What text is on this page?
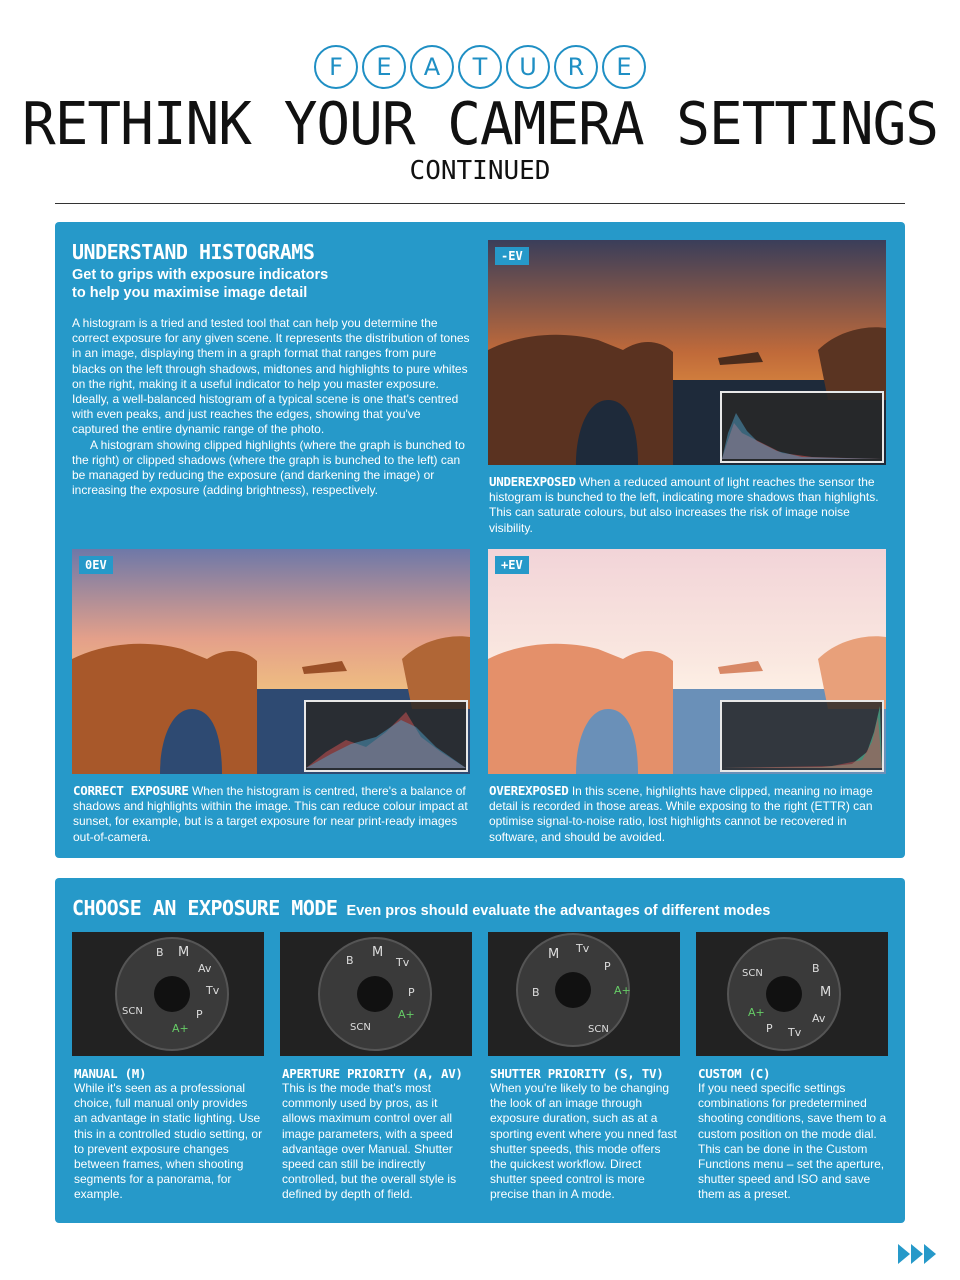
F	E	A	T	U	R	E
RETHINK YOUR CAMERA SETTINGS
CONTINUED
UNDERSTAND HISTOGRAMS
Get to grips with exposure indicators to help you maximise image detail
A histogram is a tried and tested tool that can help you determine the correct exposure for any given scene. It represents the distribution of tones in an image, displaying them in a graph format that ranges from pure blacks on the left through shadows, midtones and highlights to pure whites on the right, making it a useful indicator to help you master exposure. Ideally, a well-balanced histogram of a typical scene is one that's centred with even peaks, and just reaches the edges, showing that you've captured the entire dynamic range of the photo.
A histogram showing clipped highlights (where the graph is bunched to the right) or clipped shadows (where the graph is bunched to the left) can be managed by reducing the exposure (and darkening the image) or increasing the exposure (adding brightness), respectively.
-EV
UNDEREXPOSED When a reduced amount of light reaches the sensor the histogram is bunched to the left, indicating more shadows than highlights. This can saturate colours, but also increases the risk of image noise visibility.
0EV
CORRECT EXPOSURE When the histogram is centred, there's a balance of shadows and highlights within the image. This can reduce colour impact at sunset, for example, but is a target exposure for near print-ready images out-of-camera.
+EV
OVEREXPOSED In this scene, highlights have clipped, meaning no image detail is recorded in those areas. While exposing to the right (ETTR) can optimise signal-to-noise ratio, lost highlights cannot be recovered in software, and should be avoided.
CHOOSE AN EXPOSURE MODE Even pros should evaluate the advantages of different modes
M
Av
Tv
P
A+
SCN
B	M
Tv
P
A+
SCN
B	M Tv
P
A+
SCN
B
B
M
Av
Tv
P
A+
SCN
MANUAL (M)
While it's seen as a professional choice, full manual only provides an advantage in static lighting. Use this in a controlled studio setting, or to prevent exposure changes between frames, when shooting segments for a panorama, for example.
APERTURE PRIORITY (A, AV)
This is the mode that's most commonly used by pros, as it allows maximum control over all image parameters, with a speed advantage over Manual. Shutter speed can still be indirectly controlled, but the overall style is defined by depth of field.
SHUTTER PRIORITY (S, TV)
When you're likely to be changing the look of an image through exposure duration, such as at a sporting event where you nned fast shutter speeds, this mode offers the quickest workflow. Direct shutter speed control is more precise than in A mode.
CUSTOM (C)
If you need specific settings combinations for predetermined shooting conditions, save them to a custom position on the mode dial. This can be done in the Custom Functions menu – set the aperture, shutter speed and ISO and save them as a preset.
